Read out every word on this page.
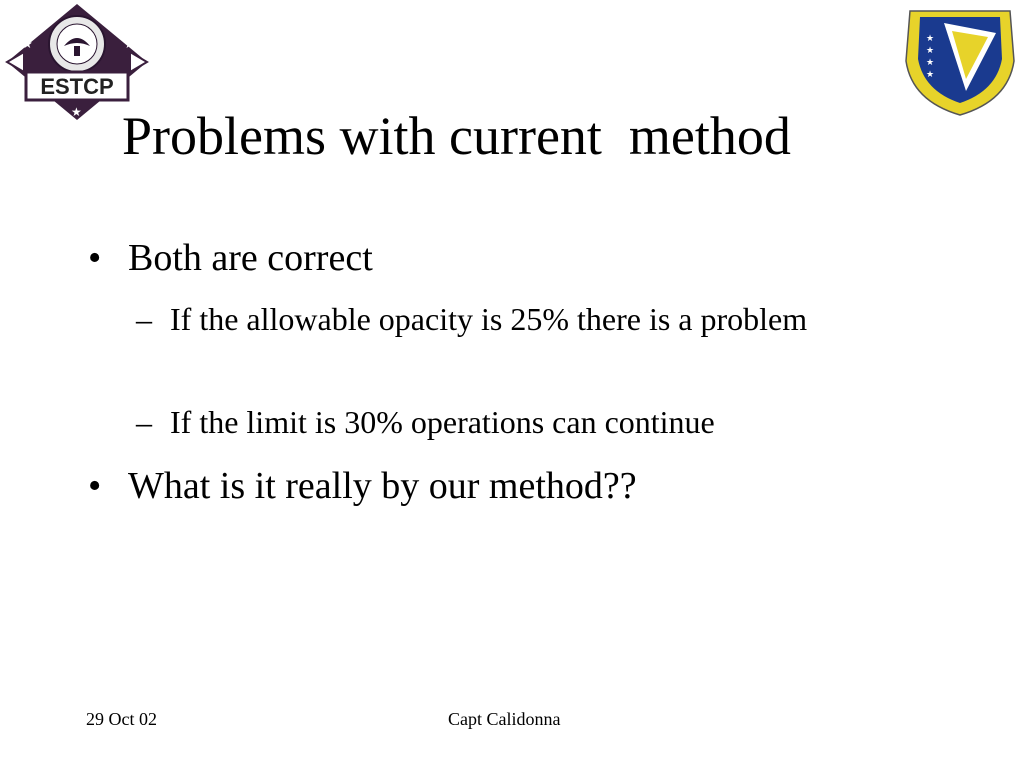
ESTCP
★	★
★
★
★
★
★
Problems with current  method
• Both are correct
– If the allowable opacity is 25% there is a problem
– If the limit is 30% operations can continue
• What is it really by our method??
29 Oct 02	Capt Calidonna
